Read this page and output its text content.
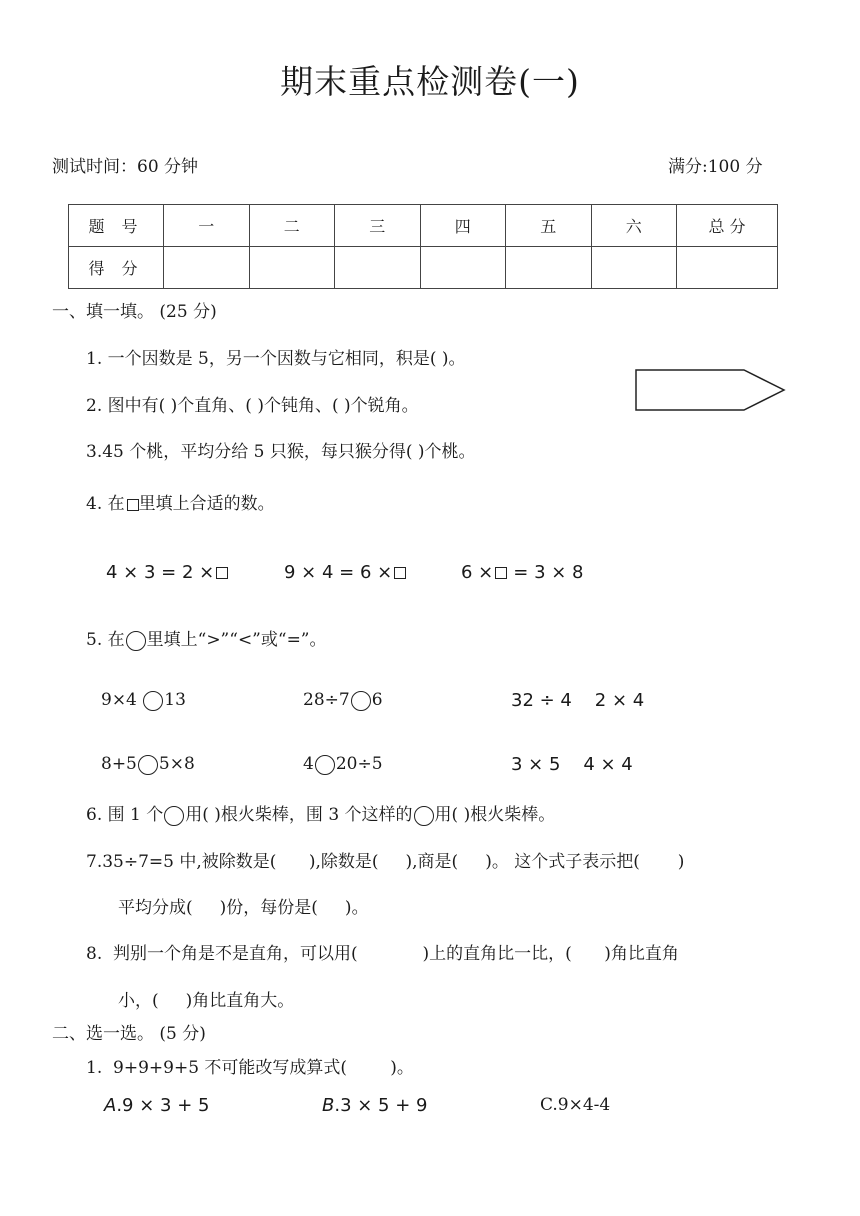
期末重点检测卷(一)
测试时间：60 分钟	满分:100 分
题 号	一	二	三	四	五	六	总 分
得 分							
一、填一填。 (25 分)
1. 一个因数是 5，另一个因数与它相同，积是( )。
2. 图中有( )个直角、( )个钝角、( )个锐角。
3.45 个桃，平均分给 5 只猴，每只猴分得( )个桃。
4. 在 里填上合适的数。
4 × 3 = 2 ×	9 × 4 = 6 ×	6 × = 3 × 8
5. 在 里填上“>”“<”或“=”。
9×4 13	28÷7 6	32 ÷ 4    2 × 4
8+5 5×8	4 20÷5	3 × 5    4 × 4
6. 围 1 个 用( )根火柴棒，围 3 个这样的 用( )根火柴棒。
7.35÷7=5 中,被除数是(      ),除数是(     ),商是(     )。 这个式子表示把(       )
平均分成(     )份，每份是(     )。
8.  判别一个角是不是直角，可以用(            )上的直角比一比，(      )角比直角
小，(     )角比直角大。
二、选一选。 (5 分)
1.  9+9+9+5 不可能改写成算式(        )。
A.9 × 3 + 5	B.3 × 5 + 9	C.9×4-4
